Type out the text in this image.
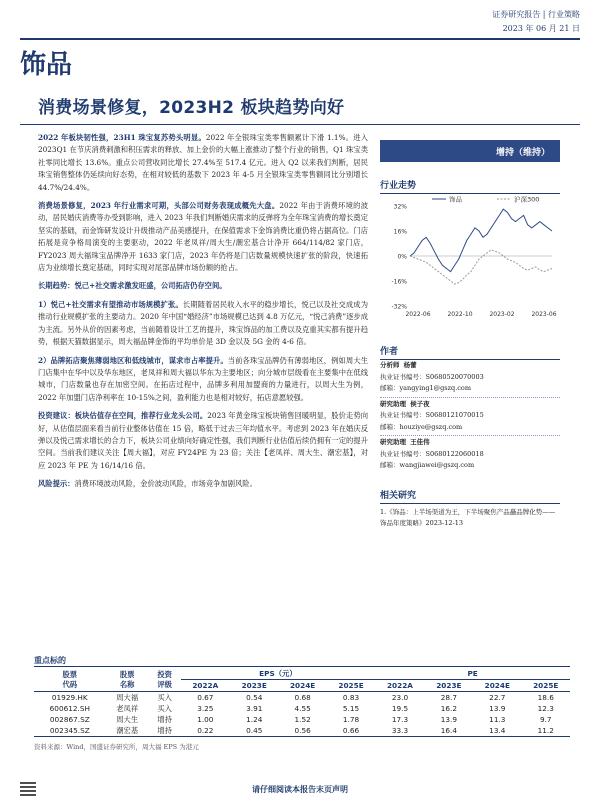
证券研究报告 | 行业策略
2023 年 06 月 21 日
饰品
消费场景修复，2023H2 板块趋势向好

2022 年板块韧性强，23H1 珠宝复苏势头明显。2022 年全银珠宝类零售额累计下滑 1.1%。进入 2023Q1 在节庆消费刺激和积压需求的释放、加上金价的大幅上涨推动了整个行业的销售，Q1 珠宝类社零同比增长 13.6%。重点公司营收同比增长 27.4%至 517.4 亿元。进入 Q2 以来我们判断，居民珠宝销售整体仍延续向好态势，在相对较低的基数下 2023 年 4-5 月全银珠宝类零售额同比分别增长 44.7%/24.4%。

消费场景修复，2023 年行业需求可期，头部公司财务表现成概先大盘。2022 年由于消费环境的波动，居民婚庆消费等办受到影响，进入 2023 年我们判断婚庆需求的反弹将为全年珠宝消费的增长奠定坚实的基础，而金饰研发设计升级推动产品美感提升，在保值需求下金饰消费比重仍将占据高位。门店拓展是竞争格局演变的主要驱动，2022 年老凤祥/周大生/潮宏基合计净开 664/114/82 家门店，FY2023 周大福珠宝品牌净开 1633 家门店，2023 年仍将是门店数量规模快速扩张的阶段，快速拓店为业绩增长奠定基础，同时实现对尾部品牌市场份额的抢占。

长期趋势：悦己+社交需求激发旺盛，公司拓店仍存空间。

1）悦己+社交需求有望推动市场规模扩张。长期随着居民收入水平的稳步增长，悦己以及社交成成为推动行业规模扩张的主要动力。2020 年中国“婚经济”市场规模已达到 4.8 万亿元，“悦己消费”逐步成为主流。另外从价的因素考虑，当前随着设计工艺的提升，珠宝饰品的加工费以及克重其实都有提升趋势，根据天猫数据显示，周大福品牌金饰的平均单价是 3D 金以及 5G 金的 4-6 倍。

2）品牌拓店聚焦薄弱地区和低线城市，谋求市占率提升。当前各珠宝品牌仍有薄弱地区，例如周大生门店集中在华中以及华东地区，老凤祥和周大福以华东为主要地区；向分城市层级看在主要集中在低线城市，门店数量也存在加密空间。在拓店过程中，品牌多利用加盟商的力量进行，以周大生为例，2022 年加盟门店净利率在 10-15%之间，盈利能力也是相对较好，拓店意愿较强。

投资建议：板块估值存在空间，推荐行业龙头公司。2023 年黄金珠宝板块销售回暖明显，股价走势向好，从估值层面来看当前行业整体估值在 15 倍，略低于过去三年均值水平。考虑到 2023 年在婚庆反弹以及悦己需求增长的合力下，板块公司业绩向好确定性强，我们判断行业估值后续仍拥有一定的提升空间。当前我们建议关注【周大福】，对应 FY24PE 为 23 倍；关注【老凤祥、周大生、潮宏基】，对应 2023 年 PE 为 16/14/16 倍。

风险提示：消费环境波动风险，金价波动风险，市场竞争加剧风险。

增持（维持）
行业走势
32%
16%
0%
-16%
-32%
2022-06	2022-10	2023-02	2023-06
饰品	沪深300
作者
分析师 杨蕾
执业证书编号：S0680520070003
邮箱：yangying1@gszq.com
研究助理 侯子夜
执业证书编号：S0680121070015
邮箱：houziye@gszq.com
研究助理 王佳伟
执业证书编号：S0680122060018
邮箱：wangjiawei@gszq.com
相关研究
1.《饰品：上半场渠道为王，下半场聚焦产品矗品牌化势——饰品年度策略》2023-12-13
重点标的
股票
代码	股票
名称	投资
评级	EPS（元）				PE			
			2022A	2023E	2024E	2025E	2022A	2023E	2024E	2025E
01929.HK	周大福	买入	0.67	0.54	0.68	0.83	23.0	28.7	22.7	18.6
600612.SH	老凤祥	买入	3.25	3.91	4.55	5.15	19.5	16.2	13.9	12.3
002867.SZ	周大生	增持	1.00	1.24	1.52	1.78	17.3	13.9	11.3	9.7
002345.SZ	潮宏基	增持	0.22	0.45	0.56	0.66	33.3	16.4	13.4	11.2
资料来源：Wind，国盛证券研究所，周大福 EPS 为港元
请仔细阅读本报告末页声明
